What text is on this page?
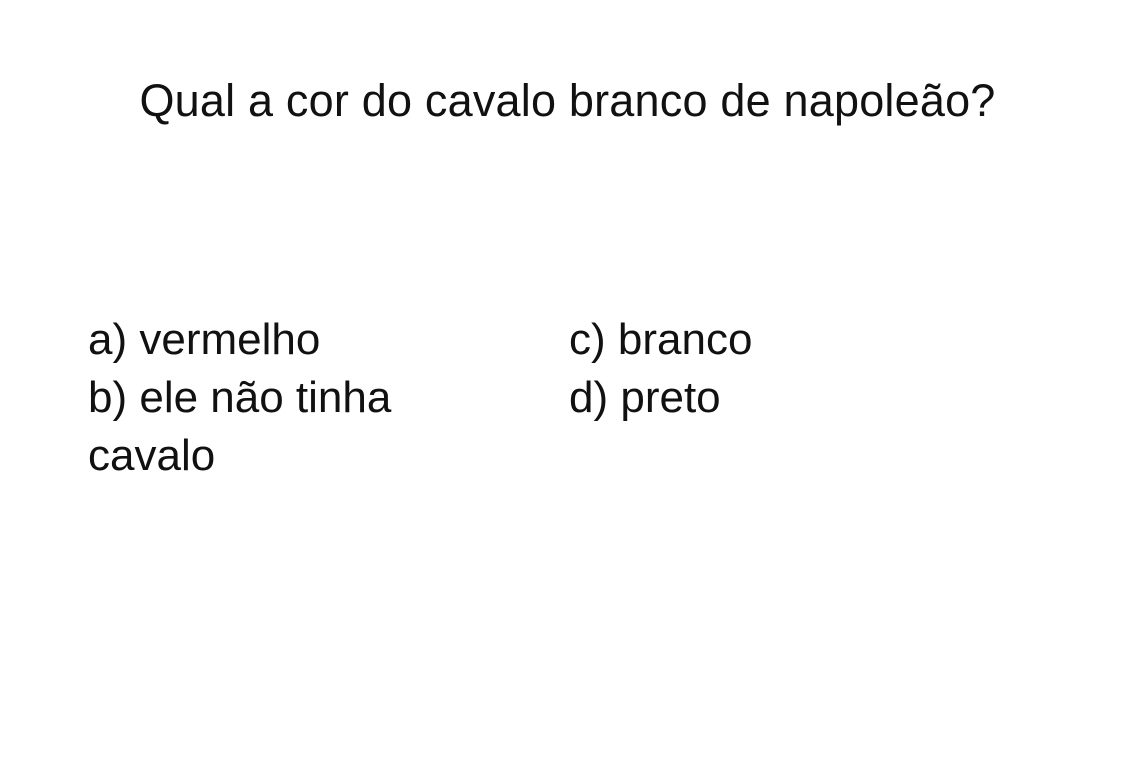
Qual a cor do cavalo branco de napoleão?
a) vermelho
b) ele não tinha cavalo
c) branco
d) preto
